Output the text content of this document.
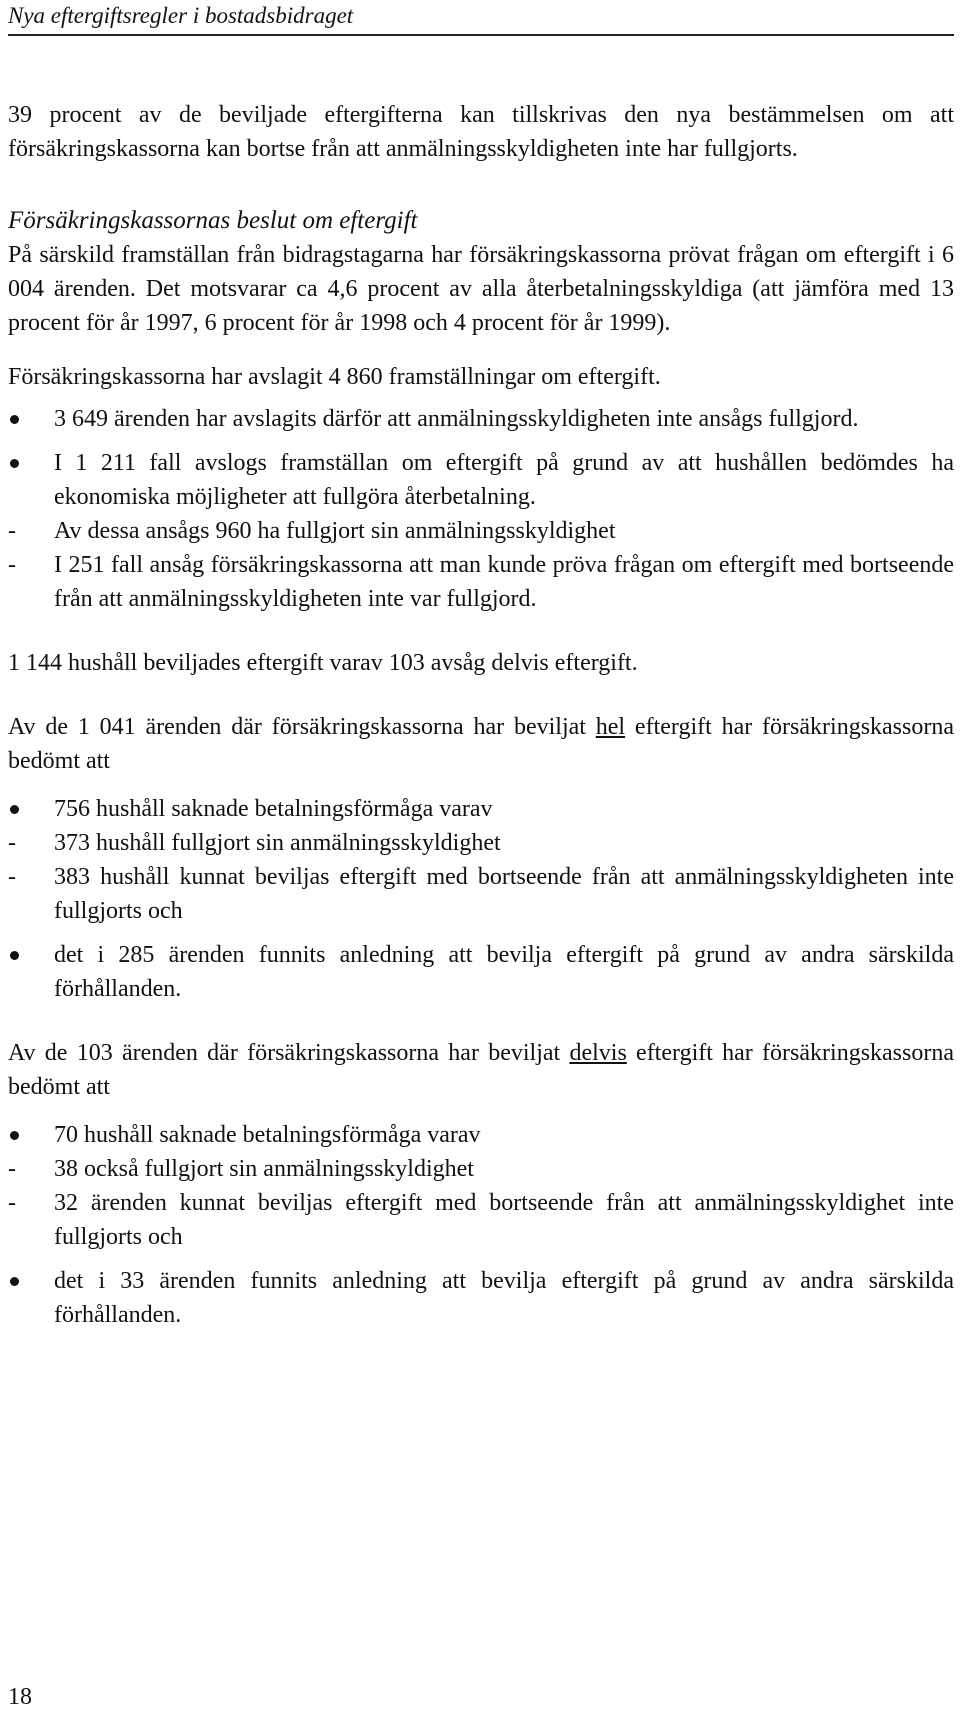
Nya eftergiftsregler i bostadsbidraget

39 procent av de beviljade eftergifterna kan tillskrivas den nya bestämmelsen om att försäkringskassorna kan bortse från att anmälningsskyldigheten inte har fullgjorts.

Försäkringskassornas beslut om eftergift

På särskild framställan från bidragstagarna har försäkringskassorna prövat frågan om eftergift i 6 004 ärenden. Det motsvarar ca 4,6 procent av alla återbetalningsskyldiga (att jämföra med 13 procent för år 1997, 6 procent för år 1998 och 4 procent för år 1999).

Försäkringskassorna har avslagit 4 860 framställningar om eftergift.

3 649 ärenden har avslagits därför att anmälningsskyldigheten inte ansågs fullgjord.
I 1 211 fall avslogs framställan om eftergift på grund av att hushållen bedömdes ha ekonomiska möjligheter att fullgöra återbetalning.
- Av dessa ansågs 960 ha fullgjort sin anmälningsskyldighet
- I 251 fall ansåg försäkringskassorna att man kunde pröva frågan om eftergift med bortseende från att anmälningsskyldigheten inte var fullgjord.

1 144 hushåll beviljades eftergift varav 103 avsåg delvis eftergift.

Av de 1 041 ärenden där försäkringskassorna har beviljat hel eftergift har försäkringskassorna bedömt att

756 hushåll saknade betalningsförmåga varav
- 373 hushåll fullgjort sin anmälningsskyldighet
- 383 hushåll kunnat beviljas eftergift med bortseende från att anmälningsskyldigheten inte fullgjorts och
det i 285 ärenden funnits anledning att bevilja eftergift på grund av andra särskilda förhållanden.

Av de 103 ärenden där försäkringskassorna har beviljat delvis eftergift har försäkringskassorna bedömt att

70 hushåll saknade betalningsförmåga varav
- 38 också fullgjort sin anmälningsskyldighet
- 32 ärenden kunnat beviljas eftergift med bortseende från att anmälningsskyldighet inte fullgjorts och
det i 33 ärenden funnits anledning att bevilja eftergift på grund av andra särskilda förhållanden.
18
